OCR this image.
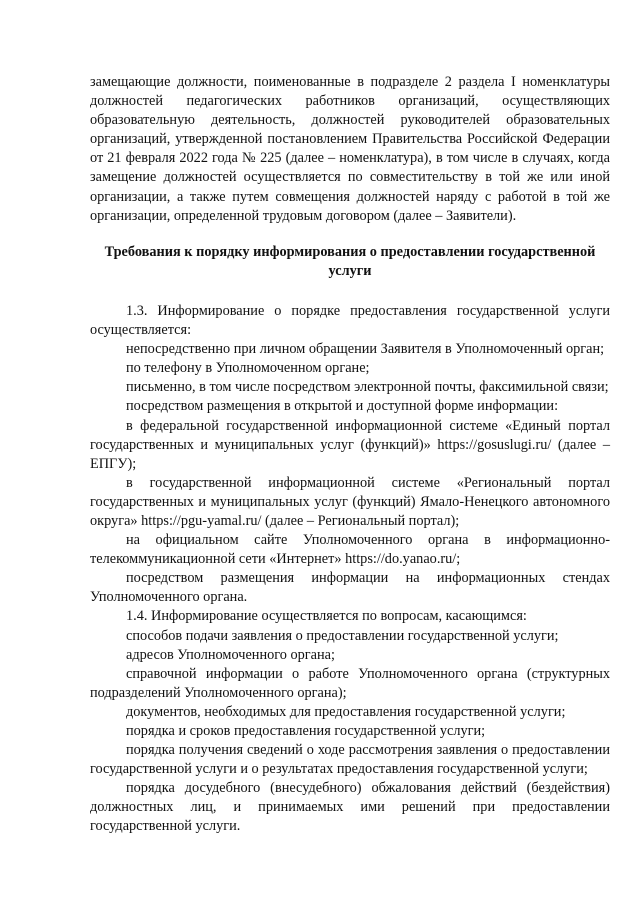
замещающие должности, поименованные в подразделе 2 раздела I номенклатуры должностей педагогических работников организаций, осуществляющих образовательную деятельность, должностей руководителей образовательных организаций, утвержденной постановлением Правительства Российской Федерации от 21 февраля 2022 года № 225 (далее – номенклатура), в том числе в случаях, когда замещение должностей осуществляется по совместительству в той же или иной организации, а также путем совмещения должностей наряду с работой в той же организации, определенной трудовым договором (далее – Заявители).

Требования к порядку информирования о предоставлении государственной услуги

1.3. Информирование о порядке предоставления государственной услуги осуществляется:

непосредственно при личном обращении Заявителя в Уполномоченный орган;

по телефону в Уполномоченном органе;

письменно, в том числе посредством электронной почты, факсимильной связи;

посредством размещения в открытой и доступной форме информации:

в федеральной государственной информационной системе «Единый портал государственных и муниципальных услуг (функций)» https://gosuslugi.ru/ (далее – ЕПГУ);

в государственной информационной системе «Региональный портал государственных и муниципальных услуг (функций) Ямало-Ненецкого автономного округа» https://pgu-yamal.ru/ (далее – Региональный портал);

на официальном сайте Уполномоченного органа в информационно-телекоммуникационной сети «Интернет» https://do.yanao.ru/;

посредством размещения информации на информационных стендах Уполномоченного органа.

1.4. Информирование осуществляется по вопросам, касающимся:

способов подачи заявления о предоставлении государственной услуги;

адресов Уполномоченного органа;

справочной информации о работе Уполномоченного органа (структурных подразделений Уполномоченного органа);

документов, необходимых для предоставления государственной услуги;

порядка и сроков предоставления государственной услуги;

порядка получения сведений о ходе рассмотрения заявления о предоставлении государственной услуги и о результатах предоставления государственной услуги;

порядка досудебного (внесудебного) обжалования действий (бездействия) должностных лиц, и принимаемых ими решений при предоставлении государственной услуги.
